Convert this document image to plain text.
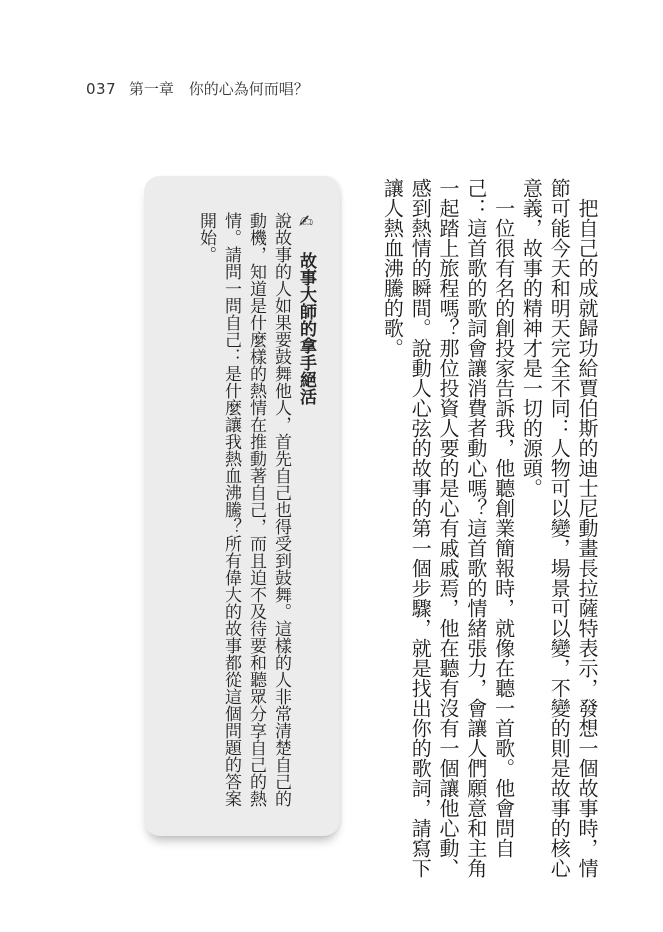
037 第一章 你的心為何而唱？

把自己的成就歸功給賈伯斯的迪士尼動畫長拉薩特表示，發想一個故事時，情節可能今天和明天完全不同：人物可以變，場景可以變，不變的則是故事的核心意義，故事的精神才是一切的源頭。

一位很有名的創投家告訴我，他聽創業簡報時，就像在聽一首歌。他會問自己：這首歌的歌詞會讓消費者動心嗎？這首歌的情緒張力，會讓人們願意和主角一起踏上旅程嗎？那位投資人要的是心有戚戚焉，他在聽有沒有一個讓他心動、感到熱情的瞬間。說動人心弦的故事的第一個步驟，就是找出你的歌詞，請寫下讓人熱血沸騰的歌。

✍ 故事大師的拿手絕活

說故事的人如果要鼓舞他人，首先自己也得受到鼓舞。這樣的人非常清楚自己的動機，知道是什麼樣的熱情在推動著自己，而且迫不及待要和聽眾分享自己的熱情。請問一問自己：是什麼讓我熱血沸騰？所有偉大的故事都從這個問題的答案開始。
